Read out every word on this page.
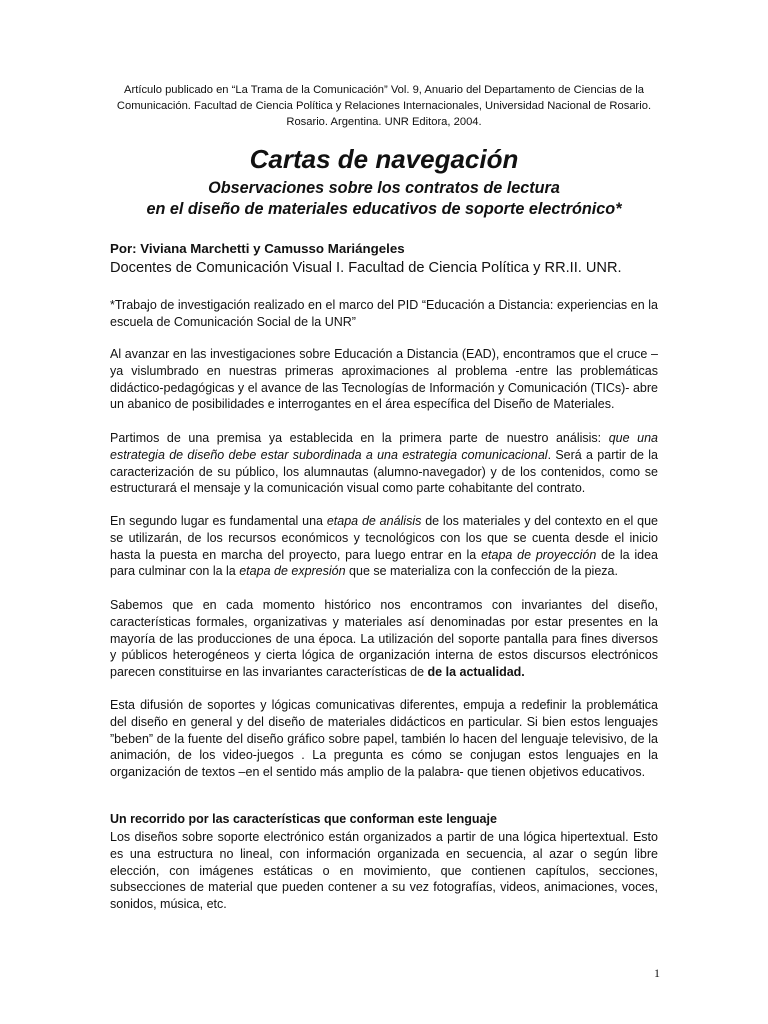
Artículo publicado en “La Trama de la Comunicación” Vol. 9, Anuario del Departamento de Ciencias de la Comunicación. Facultad de Ciencia Política y Relaciones Internacionales, Universidad Nacional de Rosario. Rosario. Argentina. UNR Editora, 2004.

Cartas de navegación
Observaciones sobre los contratos de lectura
en el diseño de materiales educativos de soporte electrónico*

Por: Viviana Marchetti y Camusso Mariángeles

Docentes de Comunicación Visual I. Facultad de Ciencia Política y RR.II. UNR.

*Trabajo de investigación realizado en el marco del PID “Educación a Distancia: experiencias en la escuela de Comunicación Social de la UNR”

Al avanzar en las investigaciones sobre Educación a Distancia (EAD), encontramos que el cruce –ya vislumbrado en nuestras primeras aproximaciones al problema -entre las problemáticas didáctico-pedagógicas y el avance de las Tecnologías de Información y Comunicación (TICs)- abre un abanico de posibilidades e interrogantes en el área específica del Diseño de Materiales.

Partimos de una premisa ya establecida en la primera parte de nuestro análisis: que una estrategia de diseño debe estar subordinada a una estrategia comunicacional. Será a partir de la caracterización de su público, los alumnautas (alumno-navegador) y de los contenidos, como se estructurará el mensaje y la comunicación visual como parte cohabitante del contrato.

En segundo lugar es fundamental una etapa de análisis de los materiales y del contexto en el que se utilizarán, de los recursos económicos y tecnológicos con los que se cuenta desde el inicio hasta la puesta en marcha del proyecto, para luego entrar en la etapa de proyección de la idea para culminar con la la etapa de expresión que se materializa con la confección de la pieza.

Sabemos que en cada momento histórico nos encontramos con invariantes del diseño, características formales, organizativas y materiales así denominadas por estar presentes en la mayoría de las producciones de una época. La utilización del soporte pantalla para fines diversos y públicos heterogéneos y cierta lógica de organización interna de estos discursos electrónicos parecen constituirse en las invariantes características de de la actualidad.

Esta difusión de soportes y lógicas comunicativas diferentes, empuja a redefinir la problemática del diseño en general y del diseño de materiales didácticos en particular. Si bien estos lenguajes ”beben” de la fuente del diseño gráfico sobre papel, también lo hacen del lenguaje televisivo, de la animación, de los video-juegos . La pregunta es cómo se conjugan estos lenguajes en la organización de textos –en el sentido más amplio de la palabra- que tienen objetivos educativos.

Un recorrido por las características que conforman este lenguaje

Los diseños sobre soporte electrónico están organizados a partir de una lógica hipertextual. Esto es una estructura no lineal, con información organizada en secuencia, al azar o según libre elección, con imágenes estáticas o en movimiento, que contienen capítulos, secciones, subsecciones de material que pueden contener a su vez fotografías, videos, animaciones, voces, sonidos, música, etc.

1
